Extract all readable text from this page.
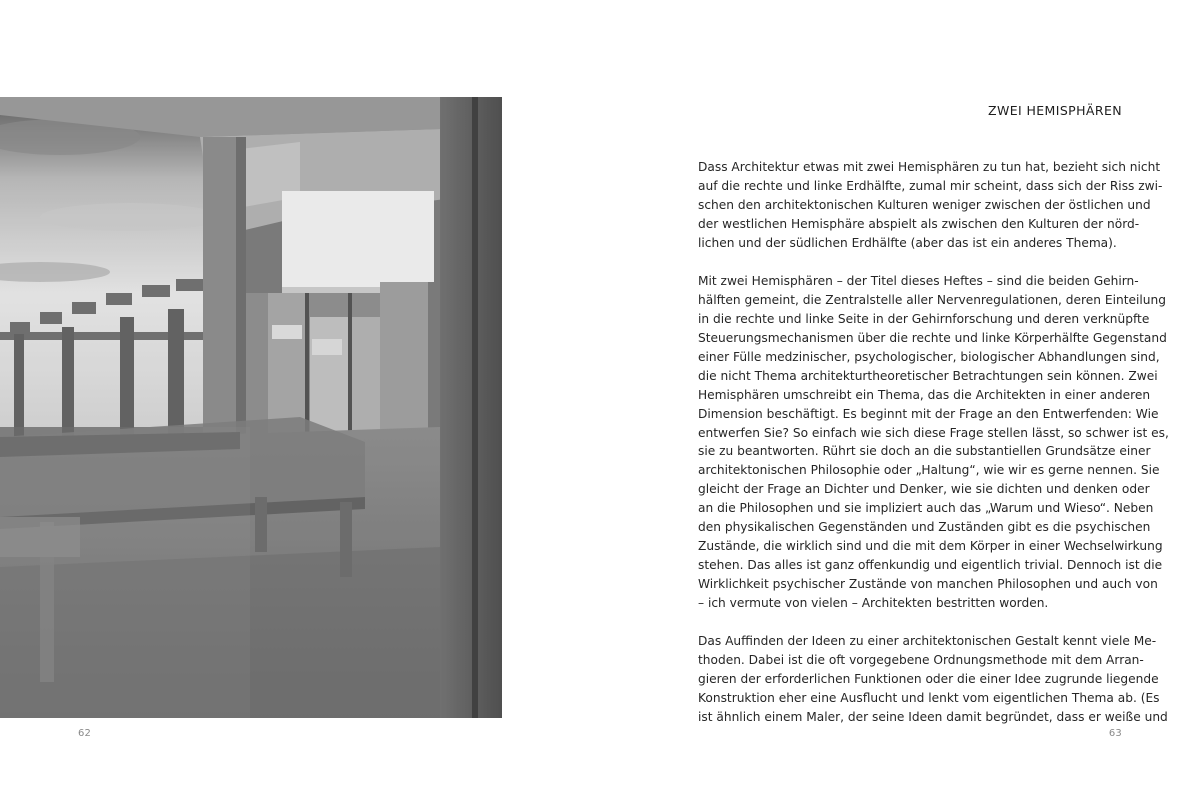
62
ZWEI HEMISPHÄREN
Dass Architektur etwas mit zwei Hemisphären zu tun hat, bezieht sich nicht
auf die rechte und linke Erdhälfte, zumal mir scheint, dass sich der Riss zwi-
schen den architektonischen Kulturen weniger zwischen der östlichen und
der westlichen Hemisphäre abspielt als zwischen den Kulturen der nörd-
lichen und der südlichen Erdhälfte (aber das ist ein anderes Thema).
Mit zwei Hemisphären – der Titel dieses Heftes – sind die beiden Gehirn-
hälften gemeint, die Zentralstelle aller Nervenregulationen, deren Einteilung
in die rechte und linke Seite in der Gehirnforschung und deren verknüpfte
Steuerungsmechanismen über die rechte und linke Körperhälfte Gegenstand
einer Fülle medzinischer, psychologischer, biologischer Abhandlungen sind,
die nicht Thema architekturtheoretischer Betrachtungen sein können. Zwei
Hemisphären umschreibt ein Thema, das die Architekten in einer anderen
Dimension beschäftigt. Es beginnt mit der Frage an den Entwerfenden: Wie
entwerfen Sie? So einfach wie sich diese Frage stellen lässt, so schwer ist es,
sie zu beantworten. Rührt sie doch an die substantiellen Grundsätze einer
architektonischen Philosophie oder „Haltung“, wie wir es gerne nennen. Sie
gleicht der Frage an Dichter und Denker, wie sie dichten und denken oder
an die Philosophen und sie impliziert auch das „Warum und Wieso“. Neben
den physikalischen Gegenständen und Zuständen gibt es die psychischen
Zustände, die wirklich sind und die mit dem Körper in einer Wechselwirkung
stehen. Das alles ist ganz offenkundig und eigentlich trivial. Dennoch ist die
Wirklichkeit psychischer Zustände von manchen Philosophen und auch von
– ich vermute von vielen – Architekten bestritten worden.
Das Auffinden der Ideen zu einer architektonischen Gestalt kennt viele Me-
thoden. Dabei ist die oft vorgegebene Ordnungsmethode mit dem Arran-
gieren der erforderlichen Funktionen oder die einer Idee zugrunde liegende
Konstruktion eher eine Ausflucht und lenkt vom eigentlichen Thema ab. (Es
ist ähnlich einem Maler, der seine Ideen damit begründet, dass er weiße und
63
